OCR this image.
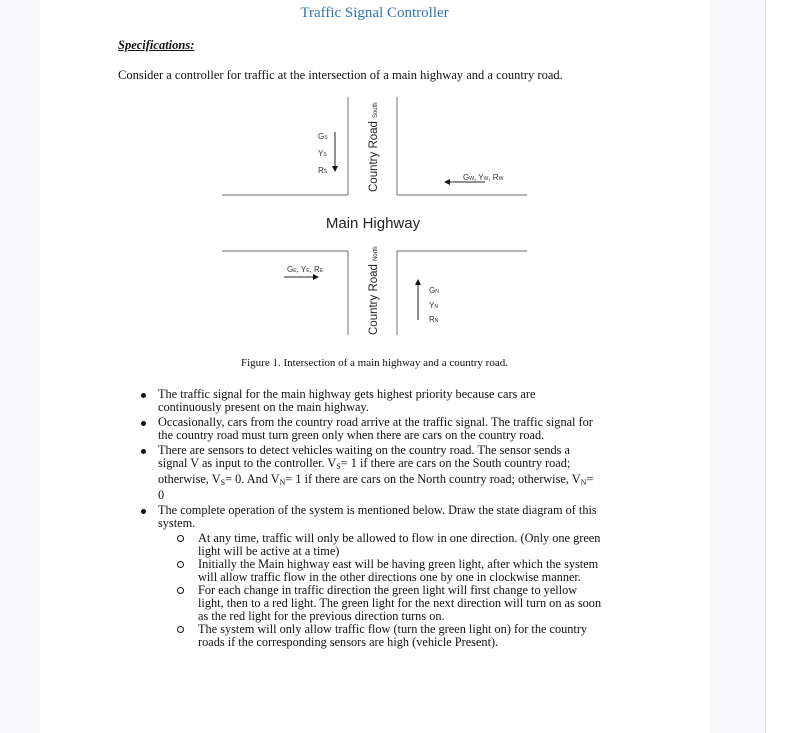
Traffic Signal Controller
Specifications:
Consider a controller for traffic at the intersection of a main highway and a country road.
Main Highway
Country RoadSouth
Country RoadNorth
GS
YS
RS
GW, YW, RW
GE, YE, RE
GN
YN
RN
Figure 1. Intersection of a main highway and a country road.
The traffic signal for the main highway gets highest priority because cars are
continuously present on the main highway.
Occasionally, cars from the country road arrive at the traffic signal. The traffic signal for
the country road must turn green only when there are cars on the country road.
There are sensors to detect vehicles waiting on the country road. The sensor sends a
signal V as input to the controller. $V_S= 1$ if there are cars on the South country road;
otherwise, $V_S= 0$. And $V_N= 1$ if there are cars on the North country road; otherwise, $V_N=$
0
The complete operation of the system is mentioned below. Draw the state diagram of this
system.
At any time, traffic will only be allowed to flow in one direction. (Only one green
light will be active at a time)
Initially the Main highway east will be having green light, after which the system
will allow traffic flow in the other directions one by one in clockwise manner.
For each change in traffic direction the green light will first change to yellow
light, then to a red light. The green light for the next direction will turn on as soon
as the red light for the previous direction turns on.
The system will only allow traffic flow (turn the green light on) for the country
roads if the corresponding sensors are high (vehicle Present).
